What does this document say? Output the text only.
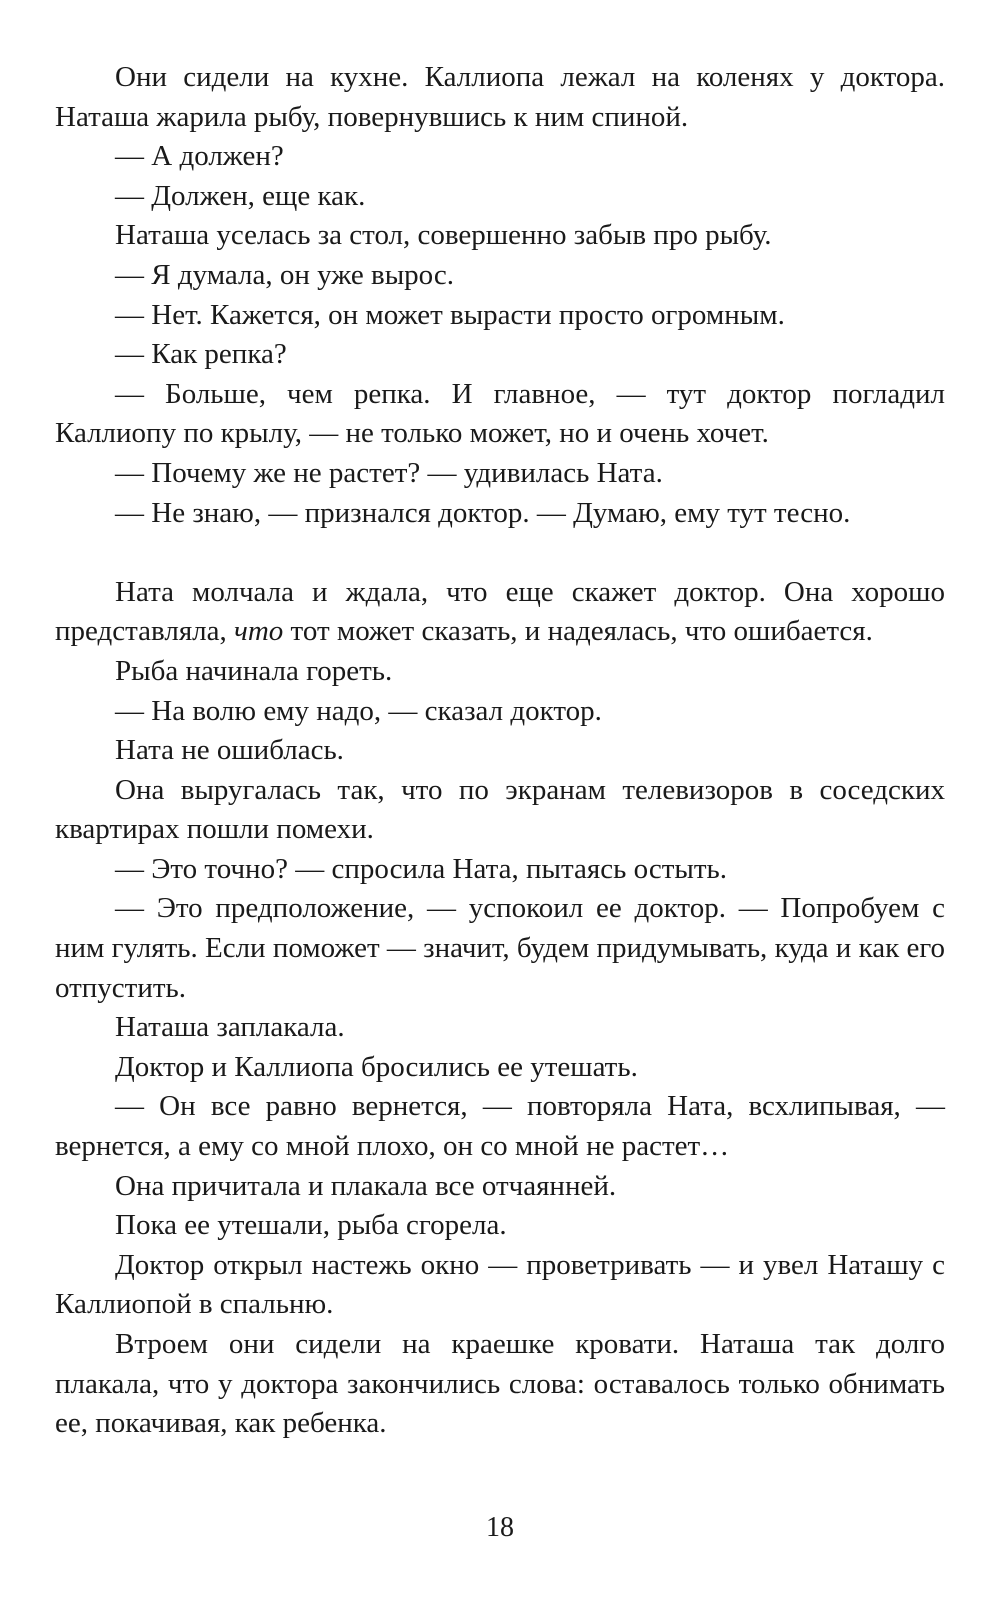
Они сидели на кухне. Каллиопа лежал на коленях у доктора. Наташа жарила рыбу, повернувшись к ним спиной.

— А должен?

— Должен, еще как.

Наташа уселась за стол, совершенно забыв про рыбу.

— Я думала, он уже вырос.

— Нет. Кажется, он может вырасти просто огромным.

— Как репка?

— Больше, чем репка. И главное, — тут доктор погладил Каллиопу по крылу, — не только может, но и очень хочет.

— Почему же не растет? — удивилась Ната.

— Не знаю, — признался доктор. — Думаю, ему тут тесно.

Ната молчала и ждала, что еще скажет доктор. Она хорошо представляла, что тот может сказать, и надеялась, что ошибается.

Рыба начинала гореть.

— На волю ему надо, — сказал доктор.

Ната не ошиблась.

Она выругалась так, что по экранам телевизоров в соседских квартирах пошли помехи.

— Это точно? — спросила Ната, пытаясь остыть.

— Это предположение, — успокоил ее доктор. — Попробуем с ним гулять. Если поможет — значит, будем придумывать, куда и как его отпустить.

Наташа заплакала.

Доктор и Каллиопа бросились ее утешать.

— Он все равно вернется, — повторяла Ната, всхлипывая, — вернется, а ему со мной плохо, он со мной не растет…

Она причитала и плакала все отчаянней.

Пока ее утешали, рыба сгорела.

Доктор открыл настежь окно — проветривать — и увел Наташу с Каллиопой в спальню.

Втроем они сидели на краешке кровати. Наташа так долго плакала, что у доктора закончились слова: оставалось только обнимать ее, покачивая, как ребенка.

18
